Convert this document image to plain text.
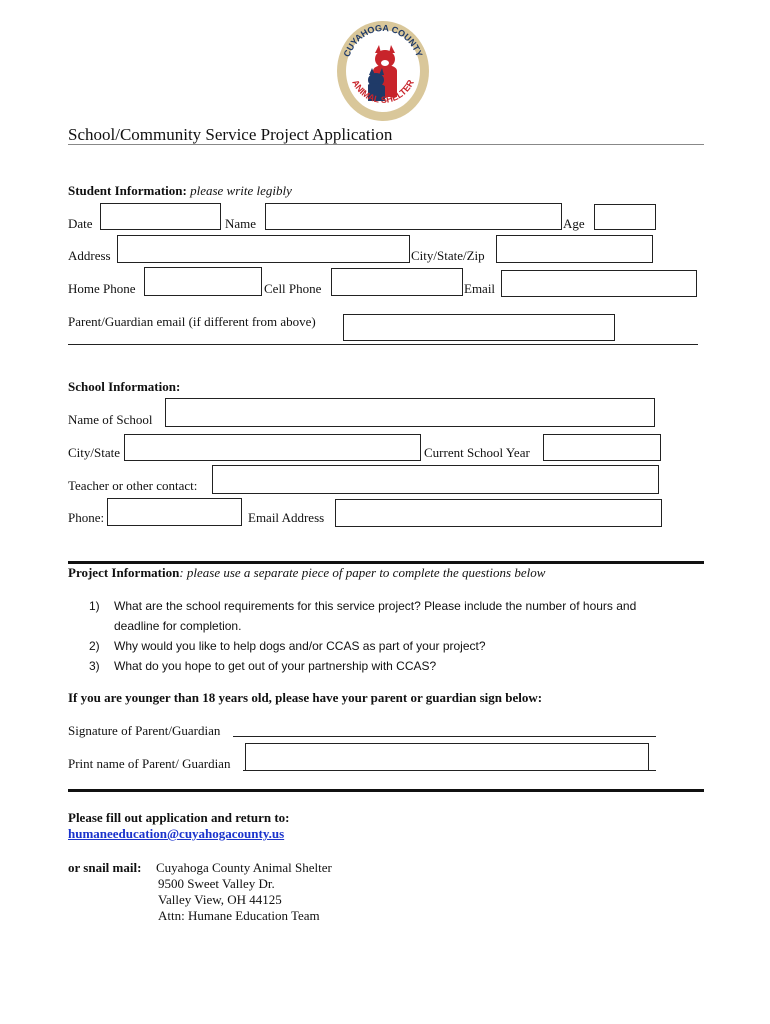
CUYAHOGA COUNTY
ANIMAL SHELTER
School/Community Service Project Application
Student Information: please write legibly
Date	Name	Age
Address	City/State/Zip
Home Phone	Cell Phone	Email
Parent/Guardian email (if different from above)
School Information:
Name of School
City/State	Current School Year
Teacher or other contact:
Phone:	Email Address
Project Information: please use a separate piece of paper to complete the questions below
1) What are the school requirements for this service project? Please include the number of hours and
deadline for completion.
2) Why would you like to help dogs and/or CCAS as part of your project?
3) What do you hope to get out of your partnership with CCAS?
If you are younger than 18 years old, please have your parent or guardian sign below:
Signature of Parent/Guardian
Print name of Parent/ Guardian
Please fill out application and return to:
humaneeducation@cuyahogacounty.us
or snail mail: Cuyahoga County Animal Shelter
9500 Sweet Valley Dr.
Valley View, OH 44125
Attn: Humane Education Team
